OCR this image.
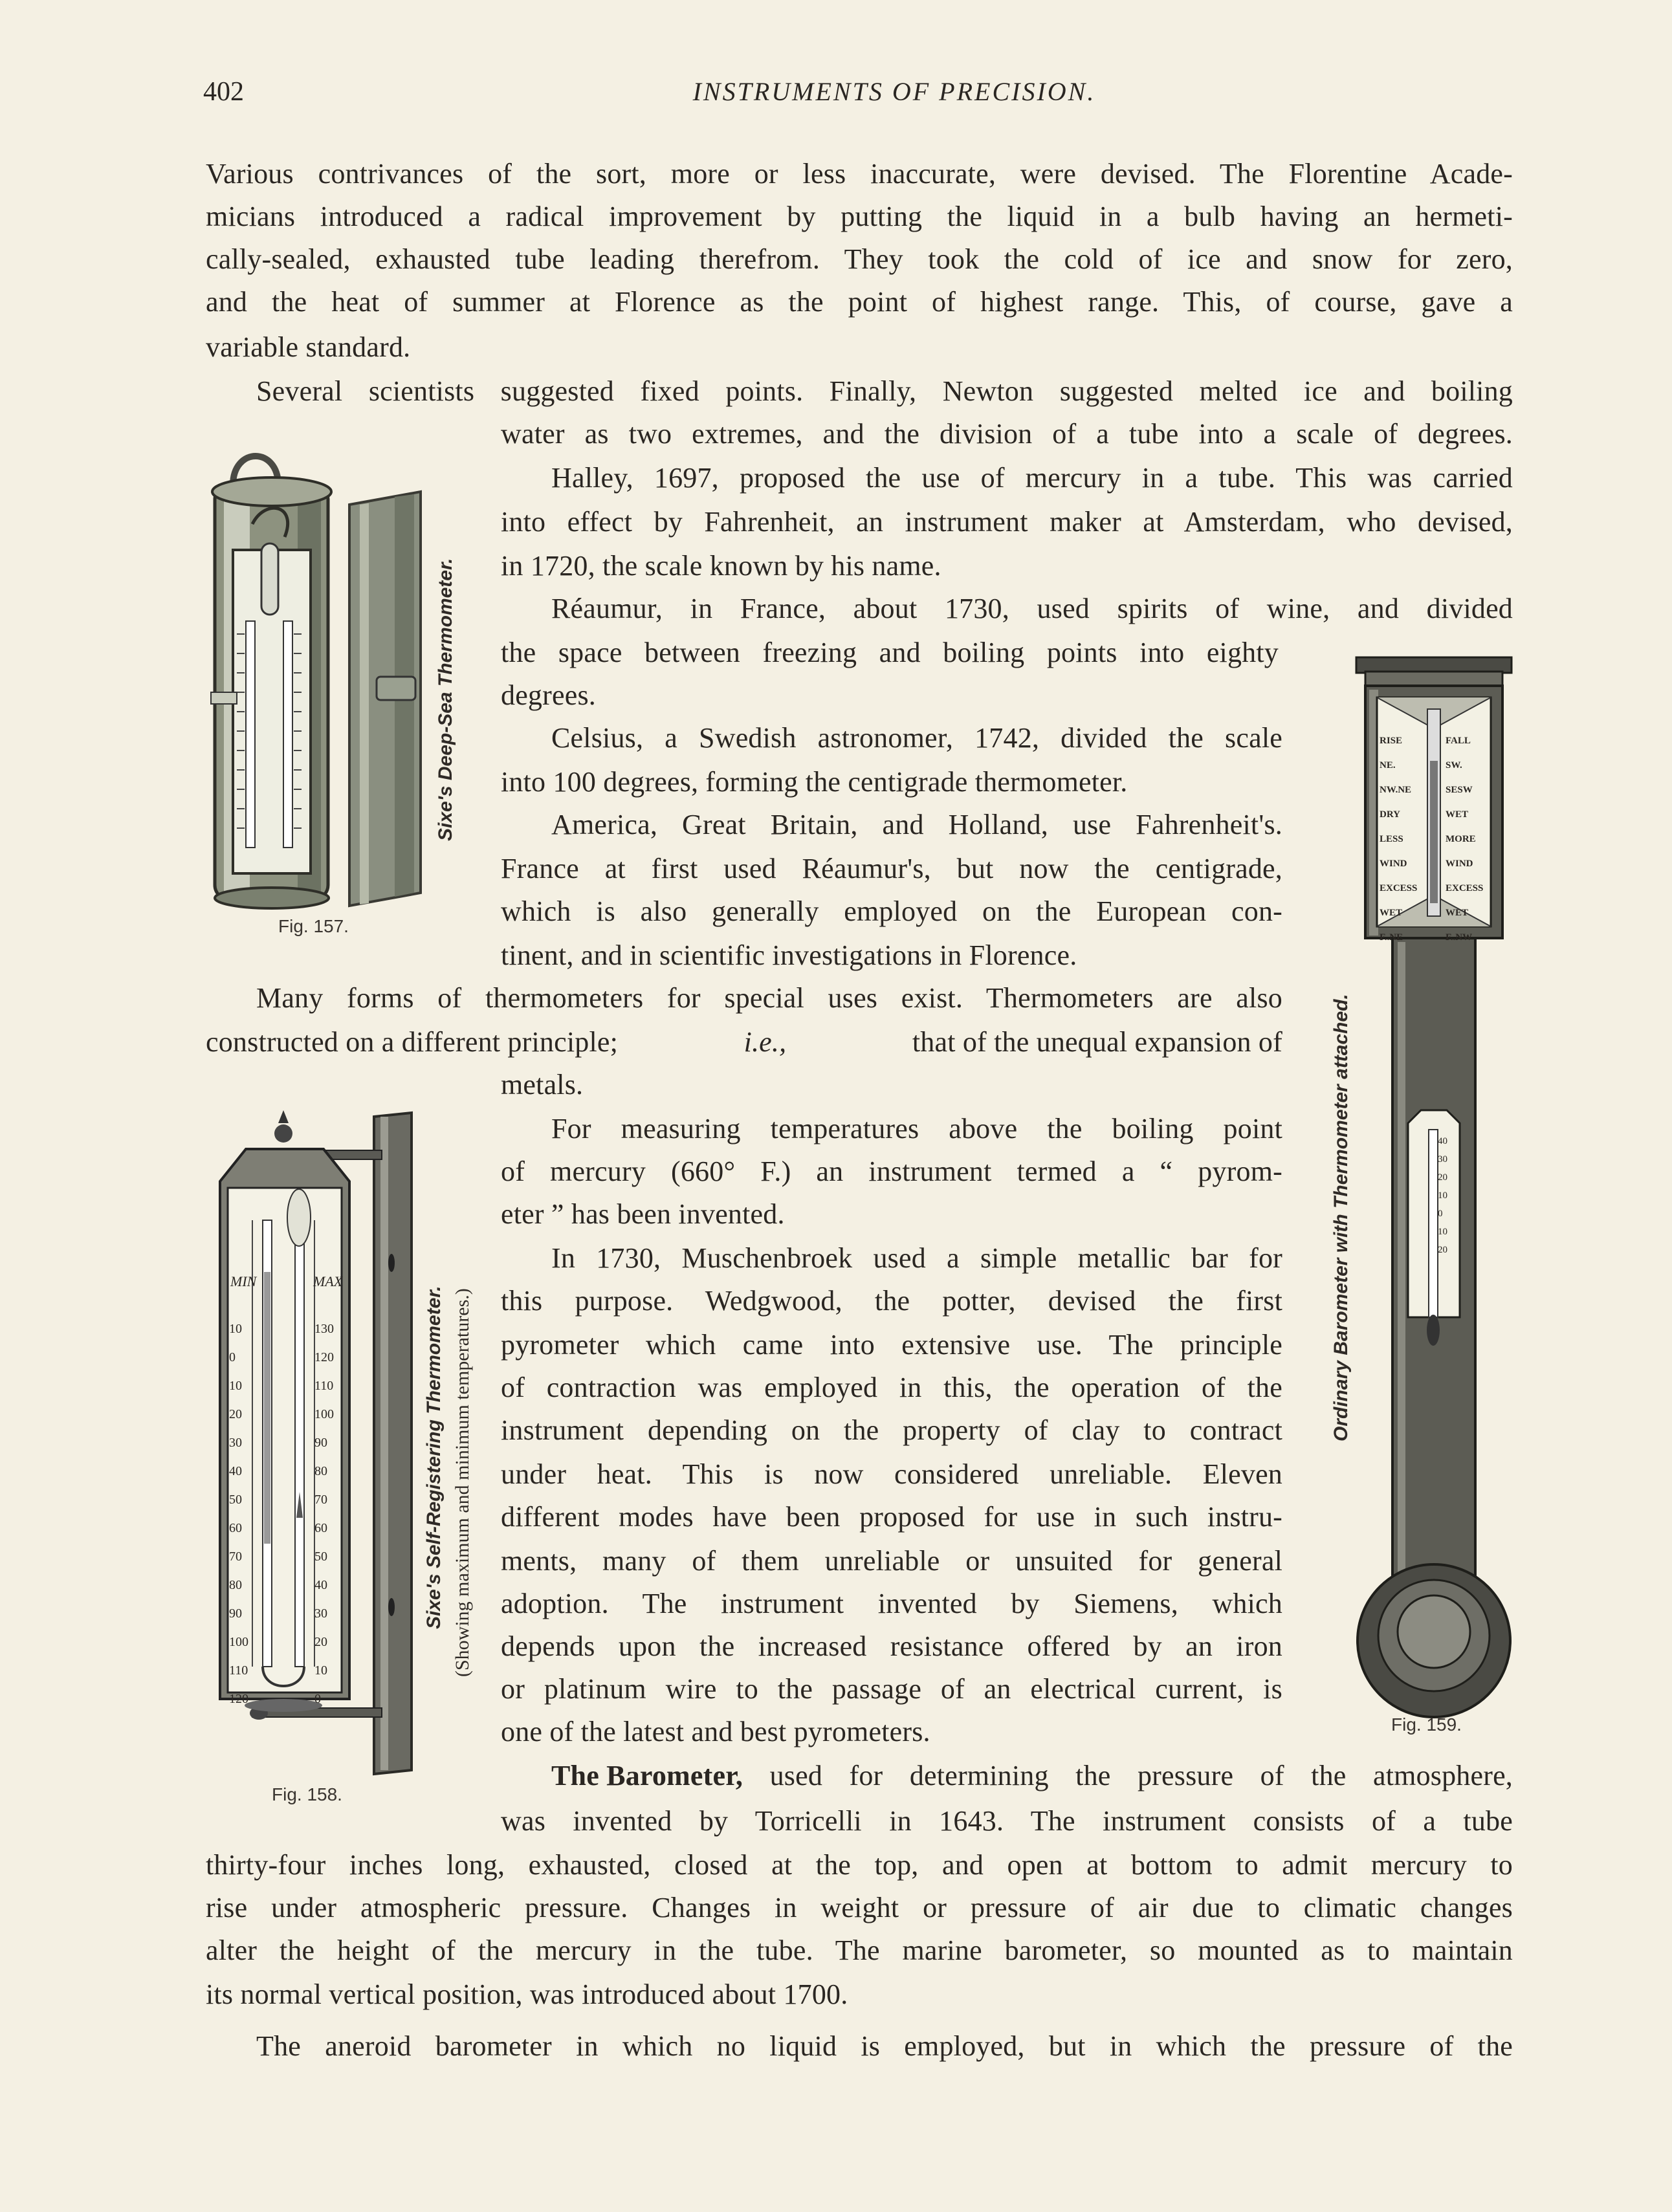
402	INSTRUMENTS OF PRECISION.
Various contrivances of the sort, more or less inaccurate, were devised. The Florentine Acade-
micians introduced a radical improvement by putting the liquid in a bulb having an hermeti-
cally-sealed, exhausted tube leading therefrom. They took the cold of ice and snow for zero,
and the heat of summer at Florence as the point of highest range. This, of course, gave a
variable standard.
Several scientists suggested fixed points. Finally, Newton suggested melted ice and boiling
water as two extremes, and the division of a tube into a scale of degrees.
Halley, 1697, proposed the use of mercury in a tube. This was carried
into effect by Fahrenheit, an instrument maker at Amsterdam, who devised,
in 1720, the scale known by his name.
Réaumur, in France, about 1730, used spirits of wine, and divided
the space between freezing and boiling points into eighty
degrees.
Celsius, a Swedish astronomer, 1742, divided the scale
into 100 degrees, forming the centigrade thermometer.
America, Great Britain, and Holland, use Fahrenheit's.
France at first used Réaumur's, but now the centigrade,
which is also generally employed on the European con-
tinent, and in scientific investigations in Florence.
Many forms of thermometers for special uses exist. Thermometers are also
constructed on a different principle;	i.e.,	that of the unequal expansion of
metals.
For measuring temperatures above the boiling point
of mercury (660° F.) an instrument termed a “ pyrom-
eter ” has been invented.
In 1730, Muschenbroek used a simple metallic bar for
this purpose. Wedgwood, the potter, devised the first
pyrometer which came into extensive use. The principle
of contraction was employed in this, the operation of the
instrument depending on the property of clay to contract
under heat. This is now considered unreliable. Eleven
different modes have been proposed for use in such instru-
ments, many of them unreliable or unsuited for general
adoption. The instrument invented by Siemens, which
depends upon the increased resistance offered by an iron
or platinum wire to the passage of an electrical current, is
one of the latest and best pyrometers.
The Barometer, used for determining the pressure of the atmosphere,
was invented by Torricelli in 1643. The instrument consists of a tube
thirty-four inches long, exhausted, closed at the top, and open at bottom to admit mercury to
rise under atmospheric pressure. Changes in weight or pressure of air due to climatic changes
alter the height of the mercury in the tube. The marine barometer, so mounted as to maintain
its normal vertical position, was introduced about 1700.
The aneroid barometer in which no liquid is employed, but in which the pressure of the
Sixe's Deep-Sea Thermometer.
Fig. 157.
MIN	MAX
10
0
10
20
30
40
50
60
70
80
90
100
110
120
130
120
110
100
90
80
70
60
50
40
30
20
10
0
Sixe's Self-Registering Thermometer. (Showing maximum and minimum temperatures.)
Fig. 158.
RISE
NE.
NW.NE
DRY
LESS WIND
EXCESS WET
F..NE
FALL
SW.
SESW
WET
MORE WIND
EXCESS WET
F..NW
40
30
20
10
0
10
20
Ordinary Barometer with Thermometer attached.
Fig. 159.
